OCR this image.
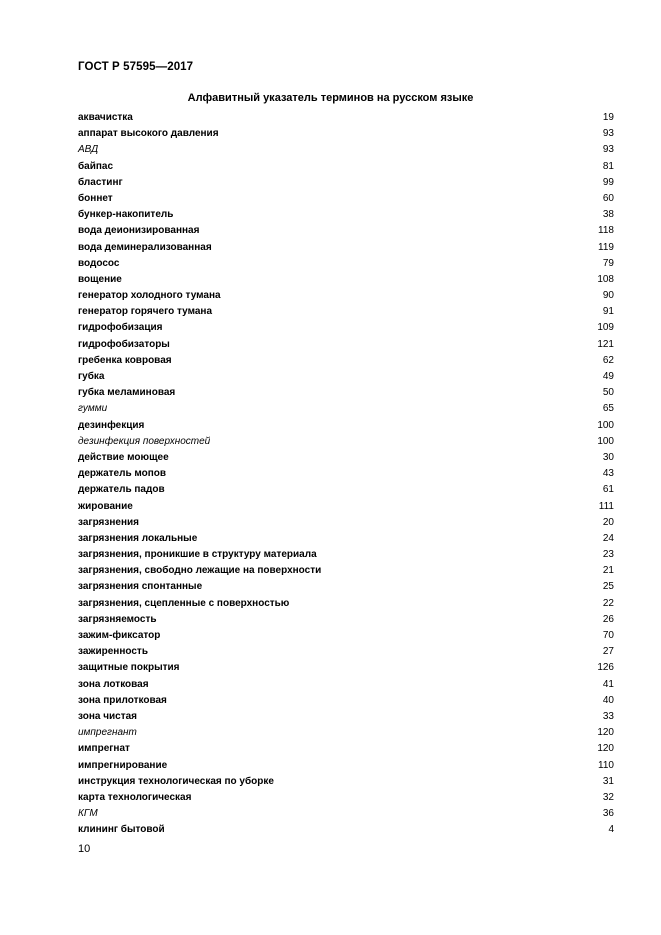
ГОСТ Р 57595—2017
Алфавитный указатель терминов на русском языке
аквачистка	19
аппарат высокого давления	93
АВД	93
байпас	81
бластинг	99
боннет	60
бункер-накопитель	38
вода деионизированная	118
вода деминерализованная	119
водосос	79
вощение	108
генератор холодного тумана	90
генератор горячего тумана	91
гидрофобизация	109
гидрофобизаторы	121
гребенка ковровая	62
губка	49
губка меламиновая	50
гумми	65
дезинфекция	100
дезинфекция поверхностей	100
действие моющее	30
держатель мопов	43
держатель падов	61
жирование	111
загрязнения	20
загрязнения локальные	24
загрязнения, проникшие в структуру материала	23
загрязнения, свободно лежащие на поверхности	21
загрязнения спонтанные	25
загрязнения, сцепленные с поверхностью	22
загрязняемость	26
зажим-фиксатор	70
зажиренность	27
защитные покрытия	126
зона лотковая	41
зона прилотковая	40
зона чистая	33
импрегнант	120
импрегнат	120
импрегнирование	110
инструкция технологическая по уборке	31
карта технологическая	32
КГМ	36
клининг бытовой	4
10
